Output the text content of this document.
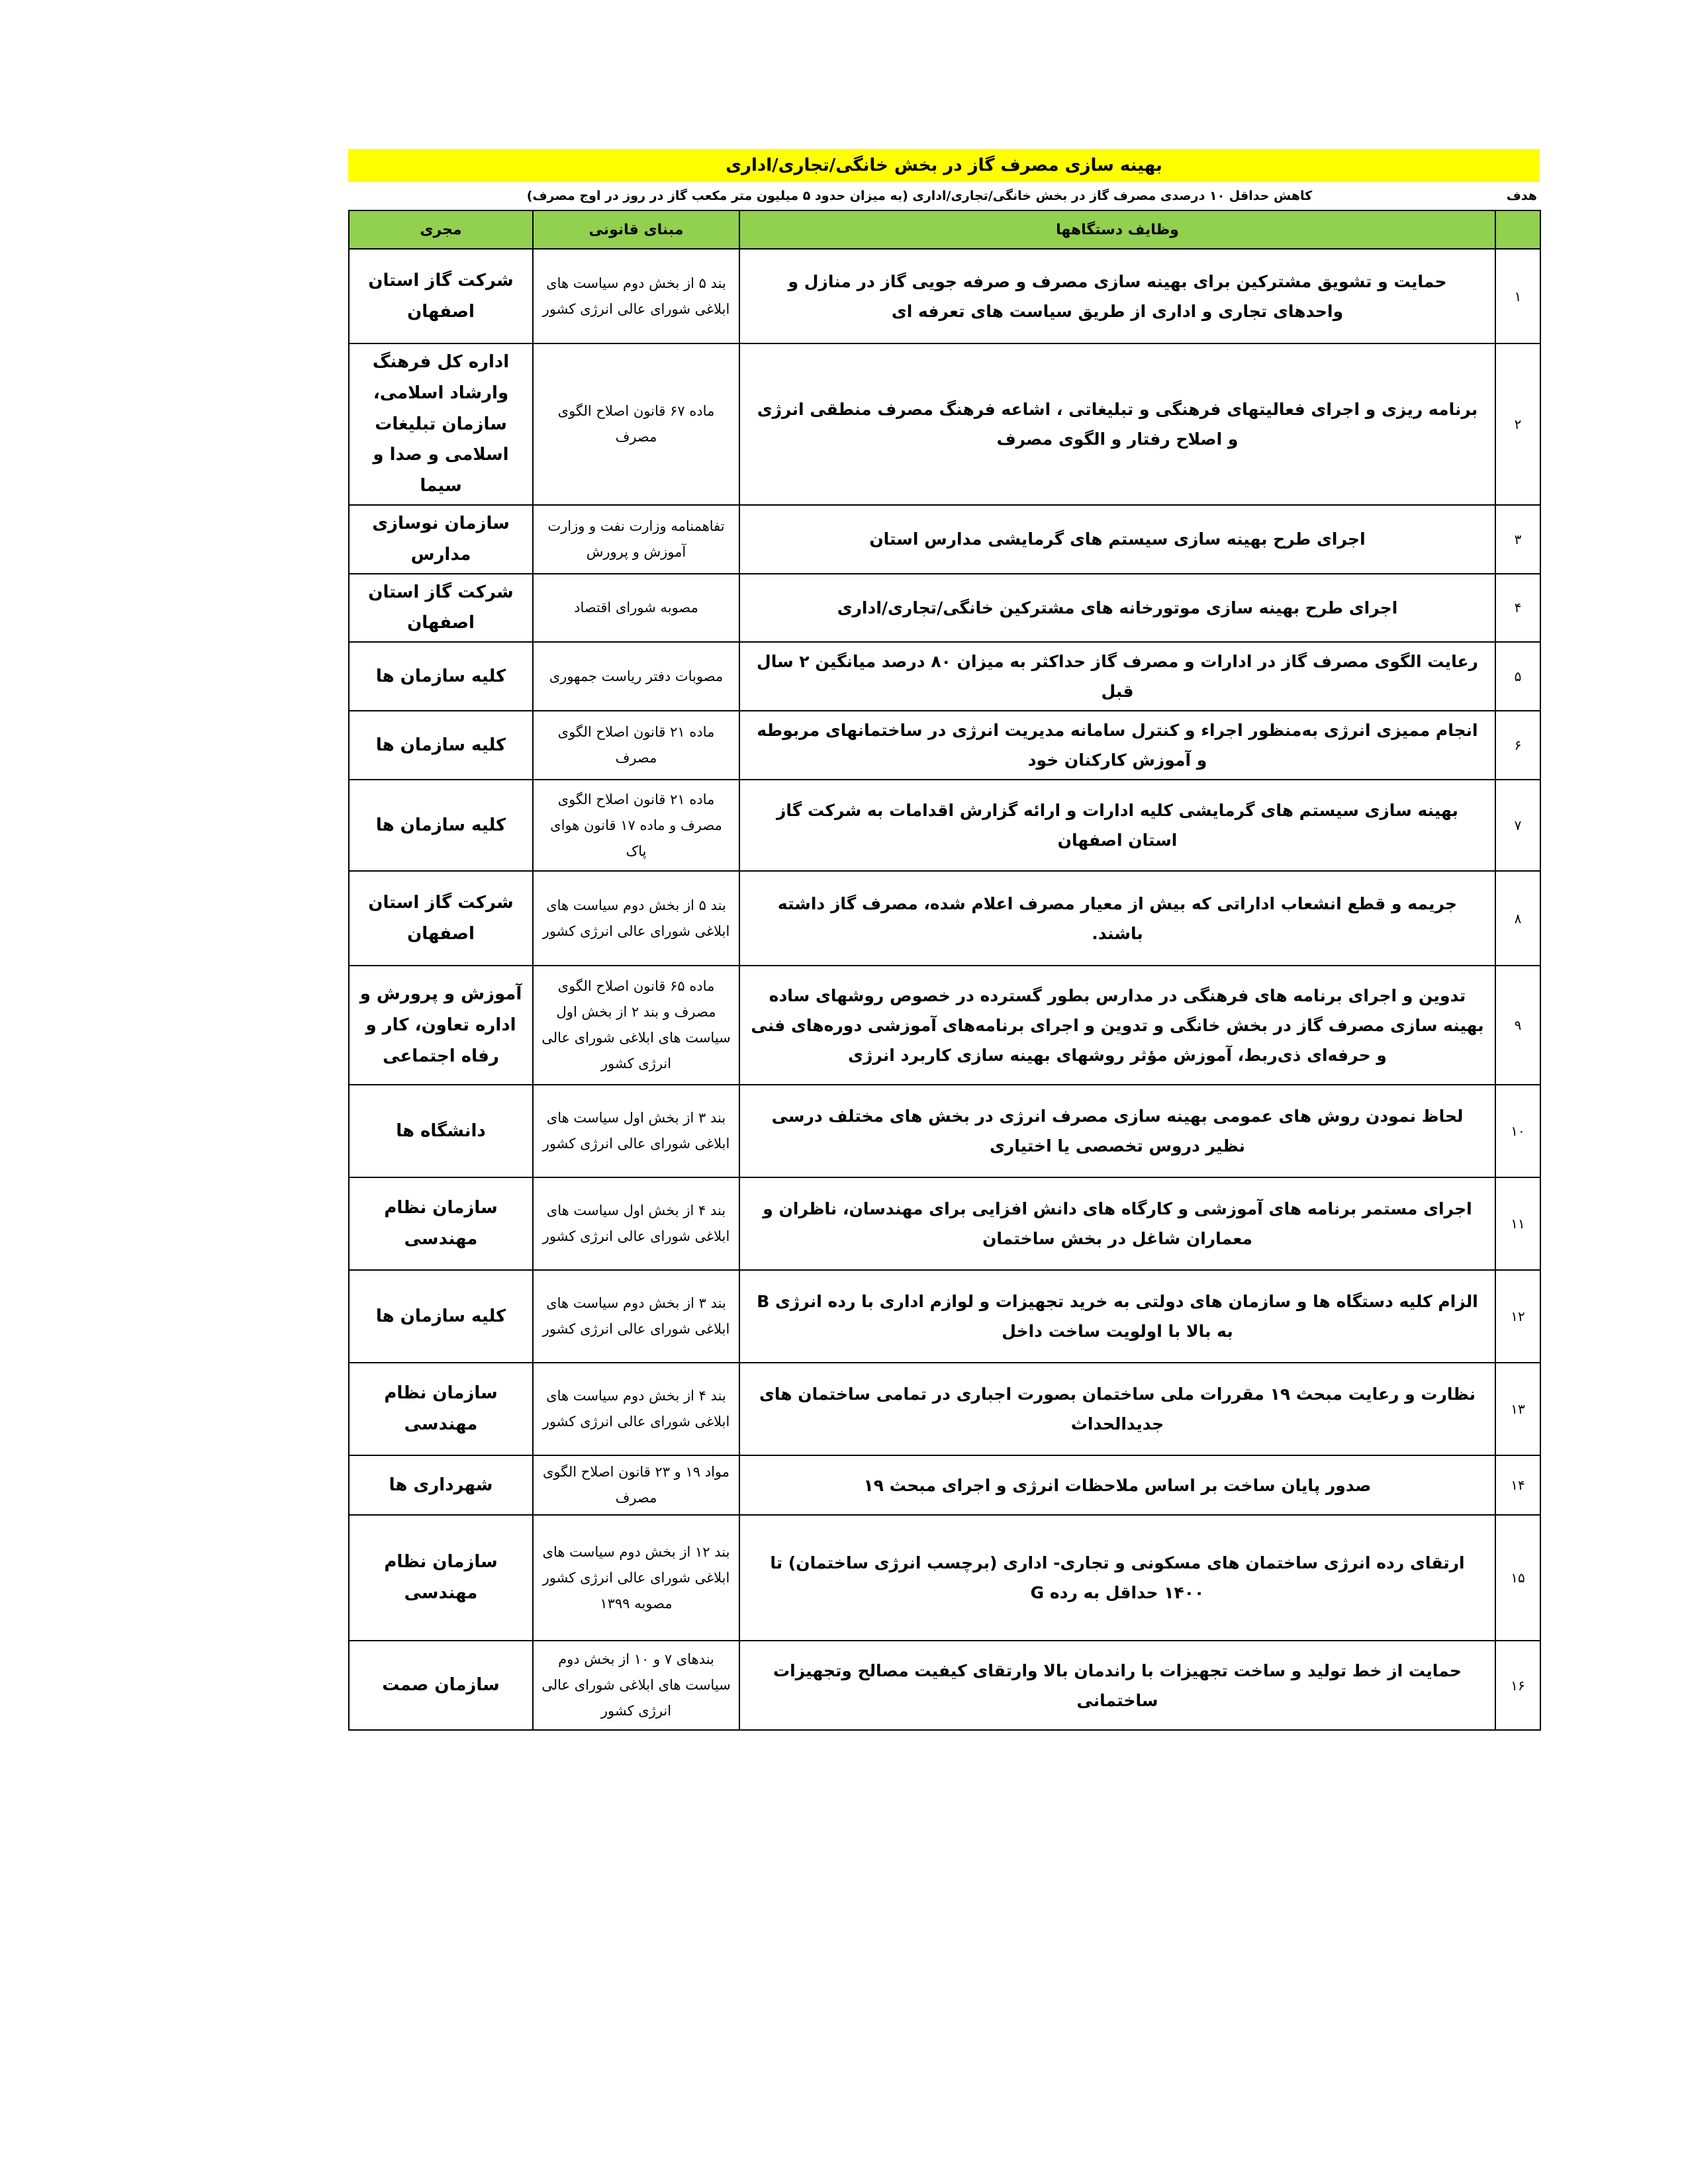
بهینه سازی مصرف گاز در بخش خانگی/تجاری/اداری
هدف
کاهش حداقل ۱۰ درصدی مصرف گاز در بخش خانگی/تجاری/اداری (به میزان حدود ۵ میلیون متر مکعب گاز در روز در اوج مصرف)
	وظایف دستگاهها	مبنای قانونی	مجری
۱	حمایت و تشویق مشترکین برای بهینه سازی مصرف و صرفه جویی گاز در منازل و واحدهای تجاری و اداری از طریق سیاست های تعرفه ای	بند ۵ از بخش دوم سیاست های ابلاغی شورای عالی انرژی کشور	شرکت گاز استان اصفهان
۲	برنامه ریزی و اجرای فعالیتهای فرهنگی و تبلیغاتی ، اشاعه فرهنگ مصرف منطقی انرژی و اصلاح رفتار و الگوی مصرف	ماده ۶۷ قانون اصلاح الگوی مصرف	اداره کل فرهنگ وارشاد اسلامی، سازمان تبلیغات اسلامی و صدا و سیما
۳	اجرای طرح بهینه سازی سیستم های گرمایشی مدارس استان	تفاهمنامه وزارت نفت و وزارت آموزش و پرورش	سازمان نوسازی مدارس
۴	اجرای طرح بهینه سازی موتورخانه های مشترکین خانگی/تجاری/اداری	مصوبه شورای اقتصاد	شرکت گاز استان اصفهان
۵	رعایت الگوی مصرف گاز در ادارات و مصرف گاز حداکثر به میزان ۸۰ درصد میانگین ۲ سال قبل	مصوبات دفتر ریاست جمهوری	کلیه سازمان ها
۶	انجام ممیزی انرژی به‌منظور اجراء و کنترل سامانه مدیریت انرژی در ساختمانهای مربوطه و آموزش کارکنان خود	ماده ۲۱ قانون اصلاح الگوی مصرف	کلیه سازمان ها
۷	بهینه سازی سیستم های گرمایشی کلیه ادارات و ارائه گزارش اقدامات به شرکت گاز استان اصفهان	ماده ۲۱ قانون اصلاح الگوی مصرف و ماده ۱۷ قانون هوای پاک	کلیه سازمان ها
۸	جریمه و قطع انشعاب اداراتی که بیش از معیار مصرف اعلام شده، مصرف گاز داشته باشند.	بند ۵ از بخش دوم سیاست های ابلاغی شورای عالی انرژی کشور	شرکت گاز استان اصفهان
۹	تدوین و اجرای برنامه های فرهنگی در مدارس بطور گسترده در خصوص روشهای ساده بهینه سازی مصرف گاز در بخش خانگی و تدوین و اجرای برنامه‌های آموزشی دوره‌های فنی و حرفه‌ای ذی‌ربط، آموزش مؤثر روشهای بهینه سازی کاربرد انرژی	ماده ۶۵ قانون اصلاح الگوی مصرف و بند ۲ از بخش اول سیاست های ابلاغی شورای عالی انرژی کشور	آموزش و پرورش و اداره تعاون، کار و رفاه اجتماعی
۱۰	لحاظ نمودن روش های عمومی بهینه سازی مصرف انرژی در بخش های مختلف درسی نظیر دروس تخصصی یا اختیاری	بند ۳ از بخش اول سیاست های ابلاغی شورای عالی انرژی کشور	دانشگاه ها
۱۱	اجرای مستمر برنامه های آموزشی و کارگاه های دانش افزایی برای مهندسان، ناظران و معماران شاغل در بخش ساختمان	بند ۴ از بخش اول سیاست های ابلاغی شورای عالی انرژی کشور	سازمان نظام مهندسی
۱۲	الزام کلیه دستگاه ها و سازمان های دولتی به خرید تجهیزات و لوازم اداری با رده انرژی B به بالا با اولویت ساخت داخل	بند ۳ از بخش دوم سیاست های ابلاغی شورای عالی انرژی کشور	کلیه سازمان ها
۱۳	نظارت و رعایت مبحث ۱۹ مقررات ملی ساختمان بصورت اجباری در تمامی ساختمان های جدیدالحداث	بند ۴ از بخش دوم سیاست های ابلاغی شورای عالی انرژی کشور	سازمان نظام مهندسی
۱۴	صدور پایان ساخت بر اساس ملاحظات انرژی و اجرای مبحث ۱۹	مواد ۱۹ و ۲۳ قانون اصلاح الگوی مصرف	شهرداری ها
۱۵	ارتقای رده انرژی ساختمان های مسکونی و تجاری- اداری (برچسب انرژی ساختمان) تا ۱۴۰۰ حداقل به رده G	بند ۱۲ از بخش دوم سیاست های ابلاغی شورای عالی انرژی کشور مصوبه ۱۳۹۹	سازمان نظام مهندسی
۱۶	حمایت از خط تولید و ساخت تجهیزات با راندمان بالا وارتقای کیفیت مصالح وتجهیزات ساختمانی	بندهای ۷ و ۱۰ از بخش دوم سیاست های ابلاغی شورای عالی انرژی کشور	سازمان صمت
